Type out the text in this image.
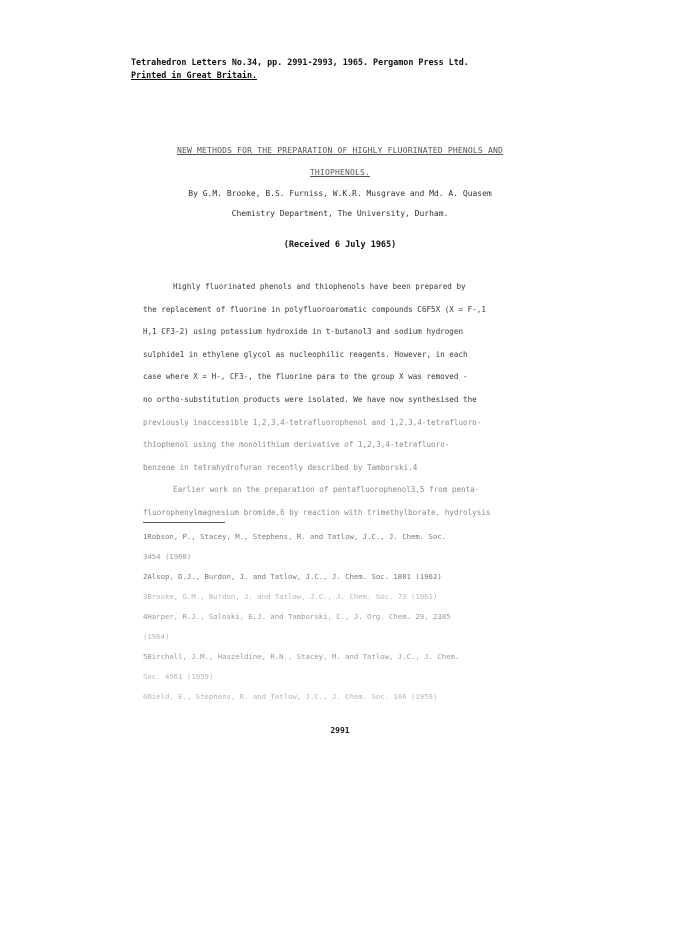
Tetrahedron Letters No.34, pp. 2991-2993, 1965. Pergamon Press Ltd.
Printed in Great Britain.
NEW METHODS FOR THE PREPARATION OF HIGHLY FLUORINATED PHENOLS AND
THIOPHENOLS.
By G.M. Brooke, B.S. Furniss, W.K.R. Musgrave and Md. A. Quasem
Chemistry Department, The University, Durham.
(Received 6 July 1965)
Highly fluorinated phenols and thiophenols have been prepared by
the replacement of fluorine in polyfluoroaromatic compounds C6F5X (X = F-,1
H,1 CF3-2) using potassium hydroxide in t-butanol3 and sodium hydrogen
sulphide1 in ethylene glycol as nucleophilic reagents. However, in each
case where X = H-, CF3-, the fluorine para to the group X was removed -
no ortho-substitution products were isolated. We have now synthesised the
previously inaccessible 1,2,3,4-tetrafluorophenol and 1,2,3,4-tetrafluoro-
thiophenol using the monolithium derivative of 1,2,3,4-tetrafluoro-
benzene in tetrahydrofuran recently described by Tamborski.4
Earlier work on the preparation of pentafluorophenol3,5 from penta-
fluorophenylmagnesium bromide,6 by reaction with trimethylborate, hydrolysis
1Robson, P., Stacey, M., Stephens, R. and Tatlow, J.C., J. Chem. Soc.
3454 (1960)
2Alsop, D.J., Burdon, J. and Tatlow, J.C., J. Chem. Soc. 1801 (1962)
3Brooke, G.M., Burdon, J. and Tatlow, J.C., J. Chem. Soc. 73 (1961)
4Harper, R.J., Soloski, E.J. and Tamborski, C., J. Org. Chem. 29, 2385
(1964)
5Birchall, J.M., Haszeldine, R.N., Stacey, M. and Tatlow, J.C., J. Chem.
Soc. 4561 (1959)
6Nield, E., Stephens, R. and Tatlow, J.C., J. Chem. Soc. 166 (1959)
2991
